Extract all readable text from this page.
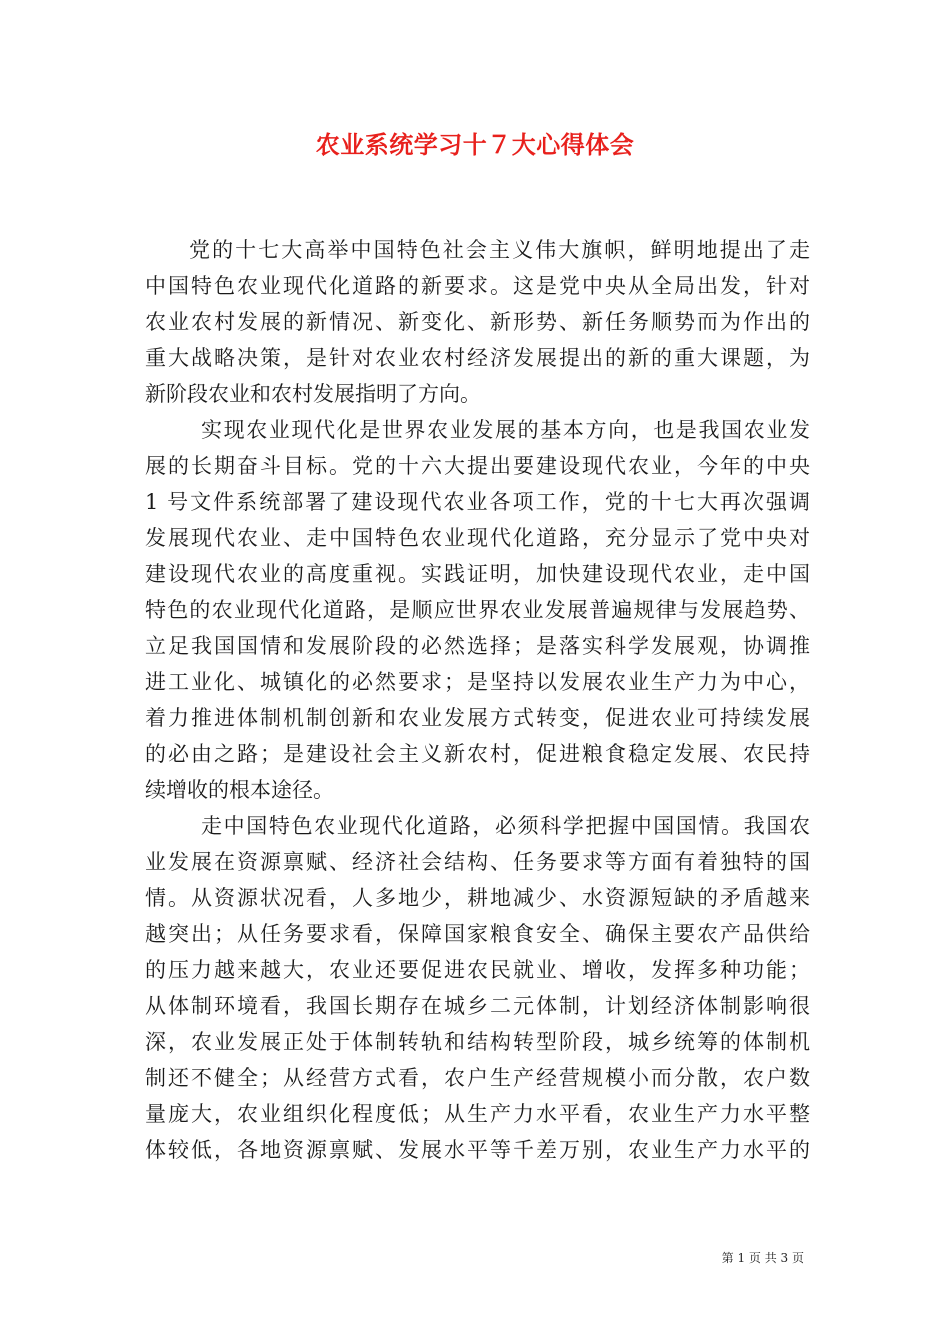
农业系统学习十７大心得体会
党的十七大高举中国特色社会主义伟大旗帜，鲜明地提出了走
中国特色农业现代化道路的新要求。这是党中央从全局出发，针对
农业农村发展的新情况、新变化、新形势、新任务顺势而为作出的
重大战略决策，是针对农业农村经济发展提出的新的重大课题，为
新阶段农业和农村发展指明了方向。
实现农业现代化是世界农业发展的基本方向，也是我国农业发
展的长期奋斗目标。党的十六大提出要建设现代农业，今年的中央
1 号文件系统部署了建设现代农业各项工作，党的十七大再次强调
发展现代农业、走中国特色农业现代化道路，充分显示了党中央对
建设现代农业的高度重视。实践证明，加快建设现代农业，走中国
特色的农业现代化道路，是顺应世界农业发展普遍规律与发展趋势、
立足我国国情和发展阶段的必然选择；是落实科学发展观，协调推
进工业化、城镇化的必然要求；是坚持以发展农业生产力为中心，
着力推进体制机制创新和农业发展方式转变，促进农业可持续发展
的必由之路；是建设社会主义新农村，促进粮食稳定发展、农民持
续增收的根本途径。
走中国特色农业现代化道路，必须科学把握中国国情。我国农
业发展在资源禀赋、经济社会结构、任务要求等方面有着独特的国
情。从资源状况看，人多地少，耕地减少、水资源短缺的矛盾越来
越突出；从任务要求看，保障国家粮食安全、确保主要农产品供给
的压力越来越大，农业还要促进农民就业、增收，发挥多种功能；
从体制环境看，我国长期存在城乡二元体制，计划经济体制影响很
深，农业发展正处于体制转轨和结构转型阶段，城乡统筹的体制机
制还不健全；从经营方式看，农户生产经营规模小而分散，农户数
量庞大，农业组织化程度低；从生产力水平看，农业生产力水平整
体较低，各地资源禀赋、发展水平等千差万别，农业生产力水平的
第 1 页 共 3 页
